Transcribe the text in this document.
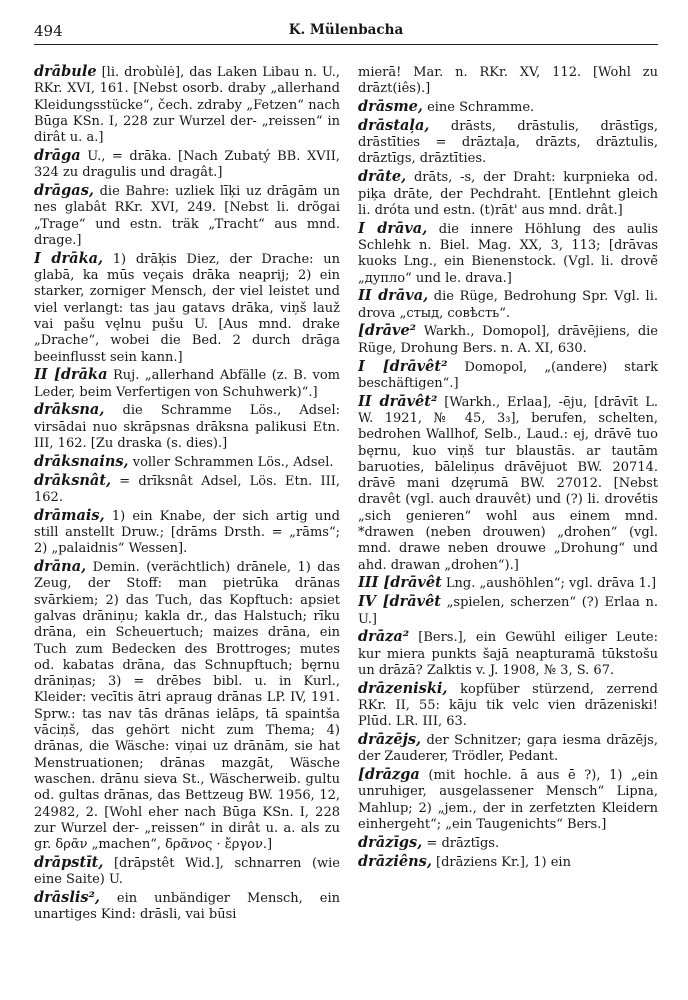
494	K. Mülenbacha

drābule [li. drobùlė], das Laken Libau n. U., RKr. XVI, 161. [Nebst osorb. draby „allerhand Kleidungsstücke“, čech. zdraby „Fetzen“ nach Būga KSn. I, 228 zur Wurzel der- „reissen“ in dirât u. a.]

drāga U., = drāka. [Nach Zubatý BB. XVII, 324 zu dragulis und dragât.]

drāgas, die Bahre: uzliek līķi uz drāgām un nes glabât RKr. XVI, 249. [Nebst li. drõgai „Trage“ und estn. träk „Tracht“ aus mnd. drage.]

I drāka, 1) drāķis Diez, der Drache: un glabā, ka mūs veçais drāka neaprij; 2) ein starker, zorniger Mensch, der viel leistet und viel verlangt: tas jau gatavs drāka, viņš lauž vai pašu vęlnu pušu U. [Aus mnd. drake „Drache“, wobei die Bed. 2 durch drāga beeinflusst sein kann.]

II [drāka Ruj. „allerhand Abfälle (z. B. vom Leder, beim Verfertigen von Schuhwerk)“.]

drāksna, die Schramme Lös., Adsel: virsādai nuo skrāpsnas drāksna palikusi Etn. III, 162. [Zu draska (s. dies).]

drāksnains, voller Schrammen Lös., Adsel.

drāksnât, = drīksnât Adsel, Lös. Etn. III, 162.

drāmais, 1) ein Knabe, der sich artig und still anstellt Druw.; [drāms Drsth. = „rāms“; 2) „palaidnis“ Wessen].

drāna, Demin. (verächtlich) drānele, 1) das Zeug, der Stoff: man pietrūka drānas svārkiem; 2) das Tuch, das Kopftuch: apsiet galvas drāniņu; kakla dr., das Halstuch; rīku drāna, ein Scheuertuch; maizes drāna, ein Tuch zum Bedecken des Brottroges; mutes od. kabatas drāna, das Schnupftuch; bęrnu drāniņas; 3) = drēbes bibl. u. in Kurl., Kleider: vecītis ātri apraug drānas LP. IV, 191. Sprw.: tas nav tās drānas ielāps, tā spaintša vāciņš, das gehört nicht zum Thema; 4) drānas, die Wäsche: viņai uz drānām, sie hat Menstruationen; drānas mazgāt, Wäsche waschen. drānu sieva St., Wäscherweib. gultu od. gultas drānas, das Bettzeug BW. 1956, 12, 24982, 2. [Wohl eher nach Būga KSn. I, 228 zur Wurzel der- „reissen“ in dirât u. a. als zu gr. δρᾶν „machen“, δρᾶνος · ἔργον.]

drāpstīt, [drāpstêt Wid.], schnarren (wie eine Saite) U.

drāslis², ein unbändiger Mensch, ein unartiges Kind: drāsli, vai būsi

mierā! Mar. n. RKr. XV, 112. [Wohl zu drāzt(iês).]

drāsme, eine Schramme.

drāstaļa, drāsts, drāstulis, drāstīgs, drāstīties = drāztaļa, drāzts, drāztulis, drāztīgs, drāztīties.

drāte, drāts, -s, der Draht: kurpnieka od. piķa drāte, der Pechdraht. [Entlehnt gleich li. dróta und estn. (t)rāt' aus mnd. drât.]

I drāva, die innere Höhlung des aulis Schlehk n. Biel. Mag. XX, 3, 113; [drāvas kuoks Lng., ein Bienenstock. (Vgl. li. drovė̃ „дупло“ und le. drava.]

II drāva, die Rüge, Bedrohung Spr. Vgl. li. drova „стыд, совѣсть“.

[drāve² Warkh., Domopol], drāvējiens, die Rüge, Drohung Bers. n. A. XI, 630.

I [drāvêt² Domopol, „(andere) stark beschäftigen“.]

II drāvêt² [Warkh., Erlaa], -ēju, [drāvīt L. W. 1921, № 45, 3₃], berufen, schelten, bedrohen Wallhof, Selb., Laud.: ej, drāvē tuo bęrnu, kuo viņš tur blaustās. ar tautām baruoties, bāleliņus drāvējuot BW. 20714. drāvē mani dzęrumā BW. 27012. [Nebst dravêt (vgl. auch drauvêt) und (?) li. drovė́tis „sich genieren“ wohl aus einem mnd. *drawen (neben drouwen) „drohen“ (vgl. mnd. drawe neben drouwe „Drohung“ und ahd. drawan „drohen“).]

III [drāvêt Lng. „aushöhlen“; vgl. drāva 1.]

IV [drāvêt „spielen, scherzen“ (?) Erlaa n. U.]

drāza² [Bers.], ein Gewühl eiliger Leute: kur miera punkts šajā neapturamā tūkstošu un drāzā? Zalktis v. J. 1908, № 3, S. 67.

drāzeniski, kopfüber stürzend, zerrend RKr. II, 55: kāju tik velc vien drāzeniski! Plūd. LR. III, 63.

drāzējs, der Schnitzer; gaŗa iesma drāzējs, der Zauderer, Trödler, Pedant.

[drāzga (mit hochle. ā aus ē ?), 1) „ein unruhiger, ausgelassener Mensch“ Lipna, Mahlup; 2) „jem., der in zerfetzten Kleidern einhergeht“; „ein Taugenichts“ Bers.]

drāzīgs, = drāztīgs.

drāziêns, [drāziens Kr.], 1) ein
